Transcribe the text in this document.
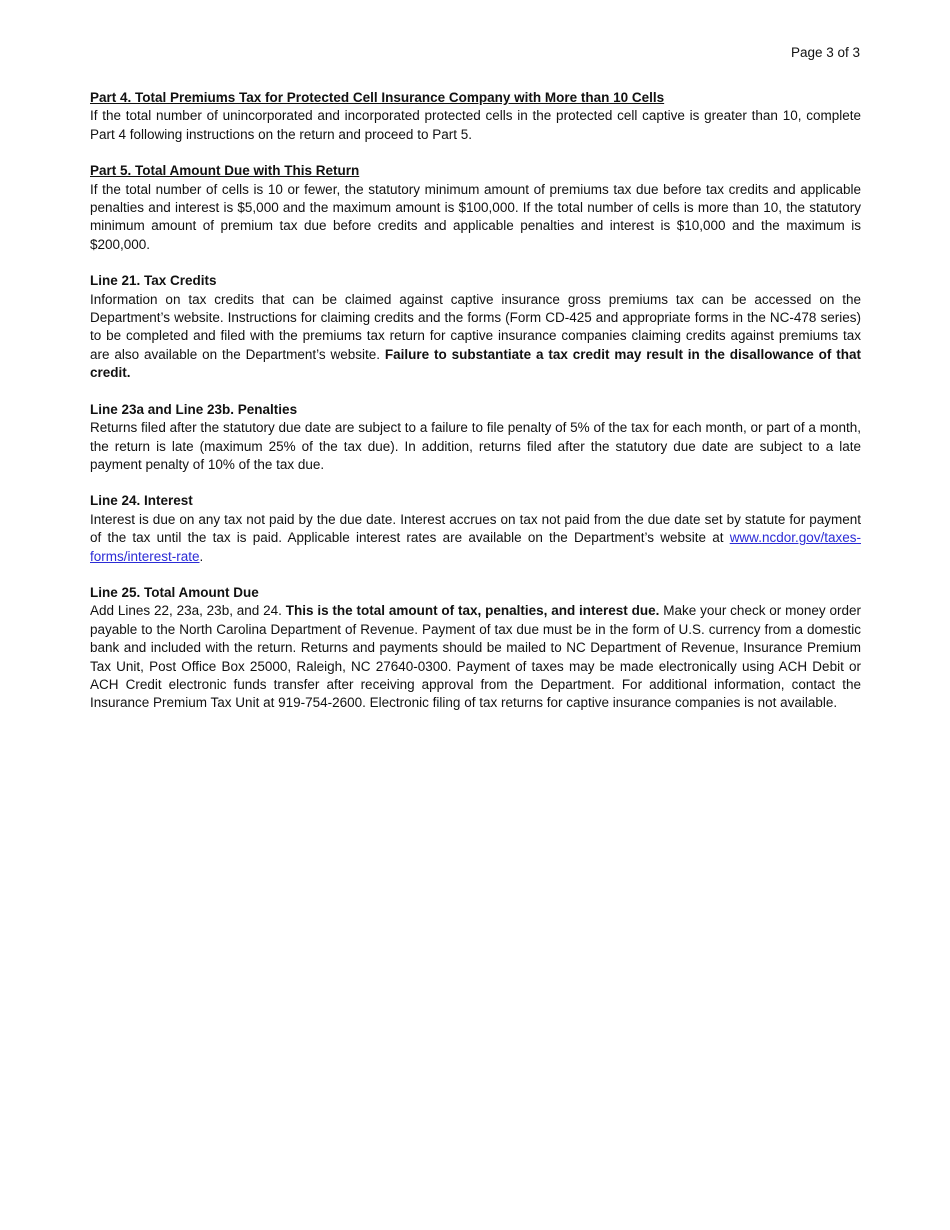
Page 3 of 3

Part 4. Total Premiums Tax for Protected Cell Insurance Company with More than 10 Cells

If the total number of unincorporated and incorporated protected cells in the protected cell captive is greater than 10, complete Part 4 following instructions on the return and proceed to Part 5.

Part 5. Total Amount Due with This Return

If the total number of cells is 10 or fewer, the statutory minimum amount of premiums tax due before tax credits and applicable penalties and interest is $5,000 and the maximum amount is $100,000. If the total number of cells is more than 10, the statutory minimum amount of premium tax due before credits and applicable penalties and interest is $10,000 and the maximum is $200,000.

Line 21. Tax Credits

Information on tax credits that can be claimed against captive insurance gross premiums tax can be accessed on the Department’s website. Instructions for claiming credits and the forms (Form CD-425 and appropriate forms in the NC-478 series) to be completed and filed with the premiums tax return for captive insurance companies claiming credits against premiums tax are also available on the Department’s website. Failure to substantiate a tax credit may result in the disallowance of that credit.

Line 23a and Line 23b. Penalties

Returns filed after the statutory due date are subject to a failure to file penalty of 5% of the tax for each month, or part of a month, the return is late (maximum 25% of the tax due). In addition, returns filed after the statutory due date are subject to a late payment penalty of 10% of the tax due.

Line 24. Interest

Interest is due on any tax not paid by the due date. Interest accrues on tax not paid from the due date set by statute for payment of the tax until the tax is paid. Applicable interest rates are available on the Department’s website at www.ncdor.gov/taxes-forms/interest-rate.

Line 25. Total Amount Due

Add Lines 22, 23a, 23b, and 24. This is the total amount of tax, penalties, and interest due. Make your check or money order payable to the North Carolina Department of Revenue. Payment of tax due must be in the form of U.S. currency from a domestic bank and included with the return. Returns and payments should be mailed to NC Department of Revenue, Insurance Premium Tax Unit, Post Office Box 25000, Raleigh, NC 27640-0300. Payment of taxes may be made electronically using ACH Debit or ACH Credit electronic funds transfer after receiving approval from the Department. For additional information, contact the Insurance Premium Tax Unit at 919-754-2600. Electronic filing of tax returns for captive insurance companies is not available.
